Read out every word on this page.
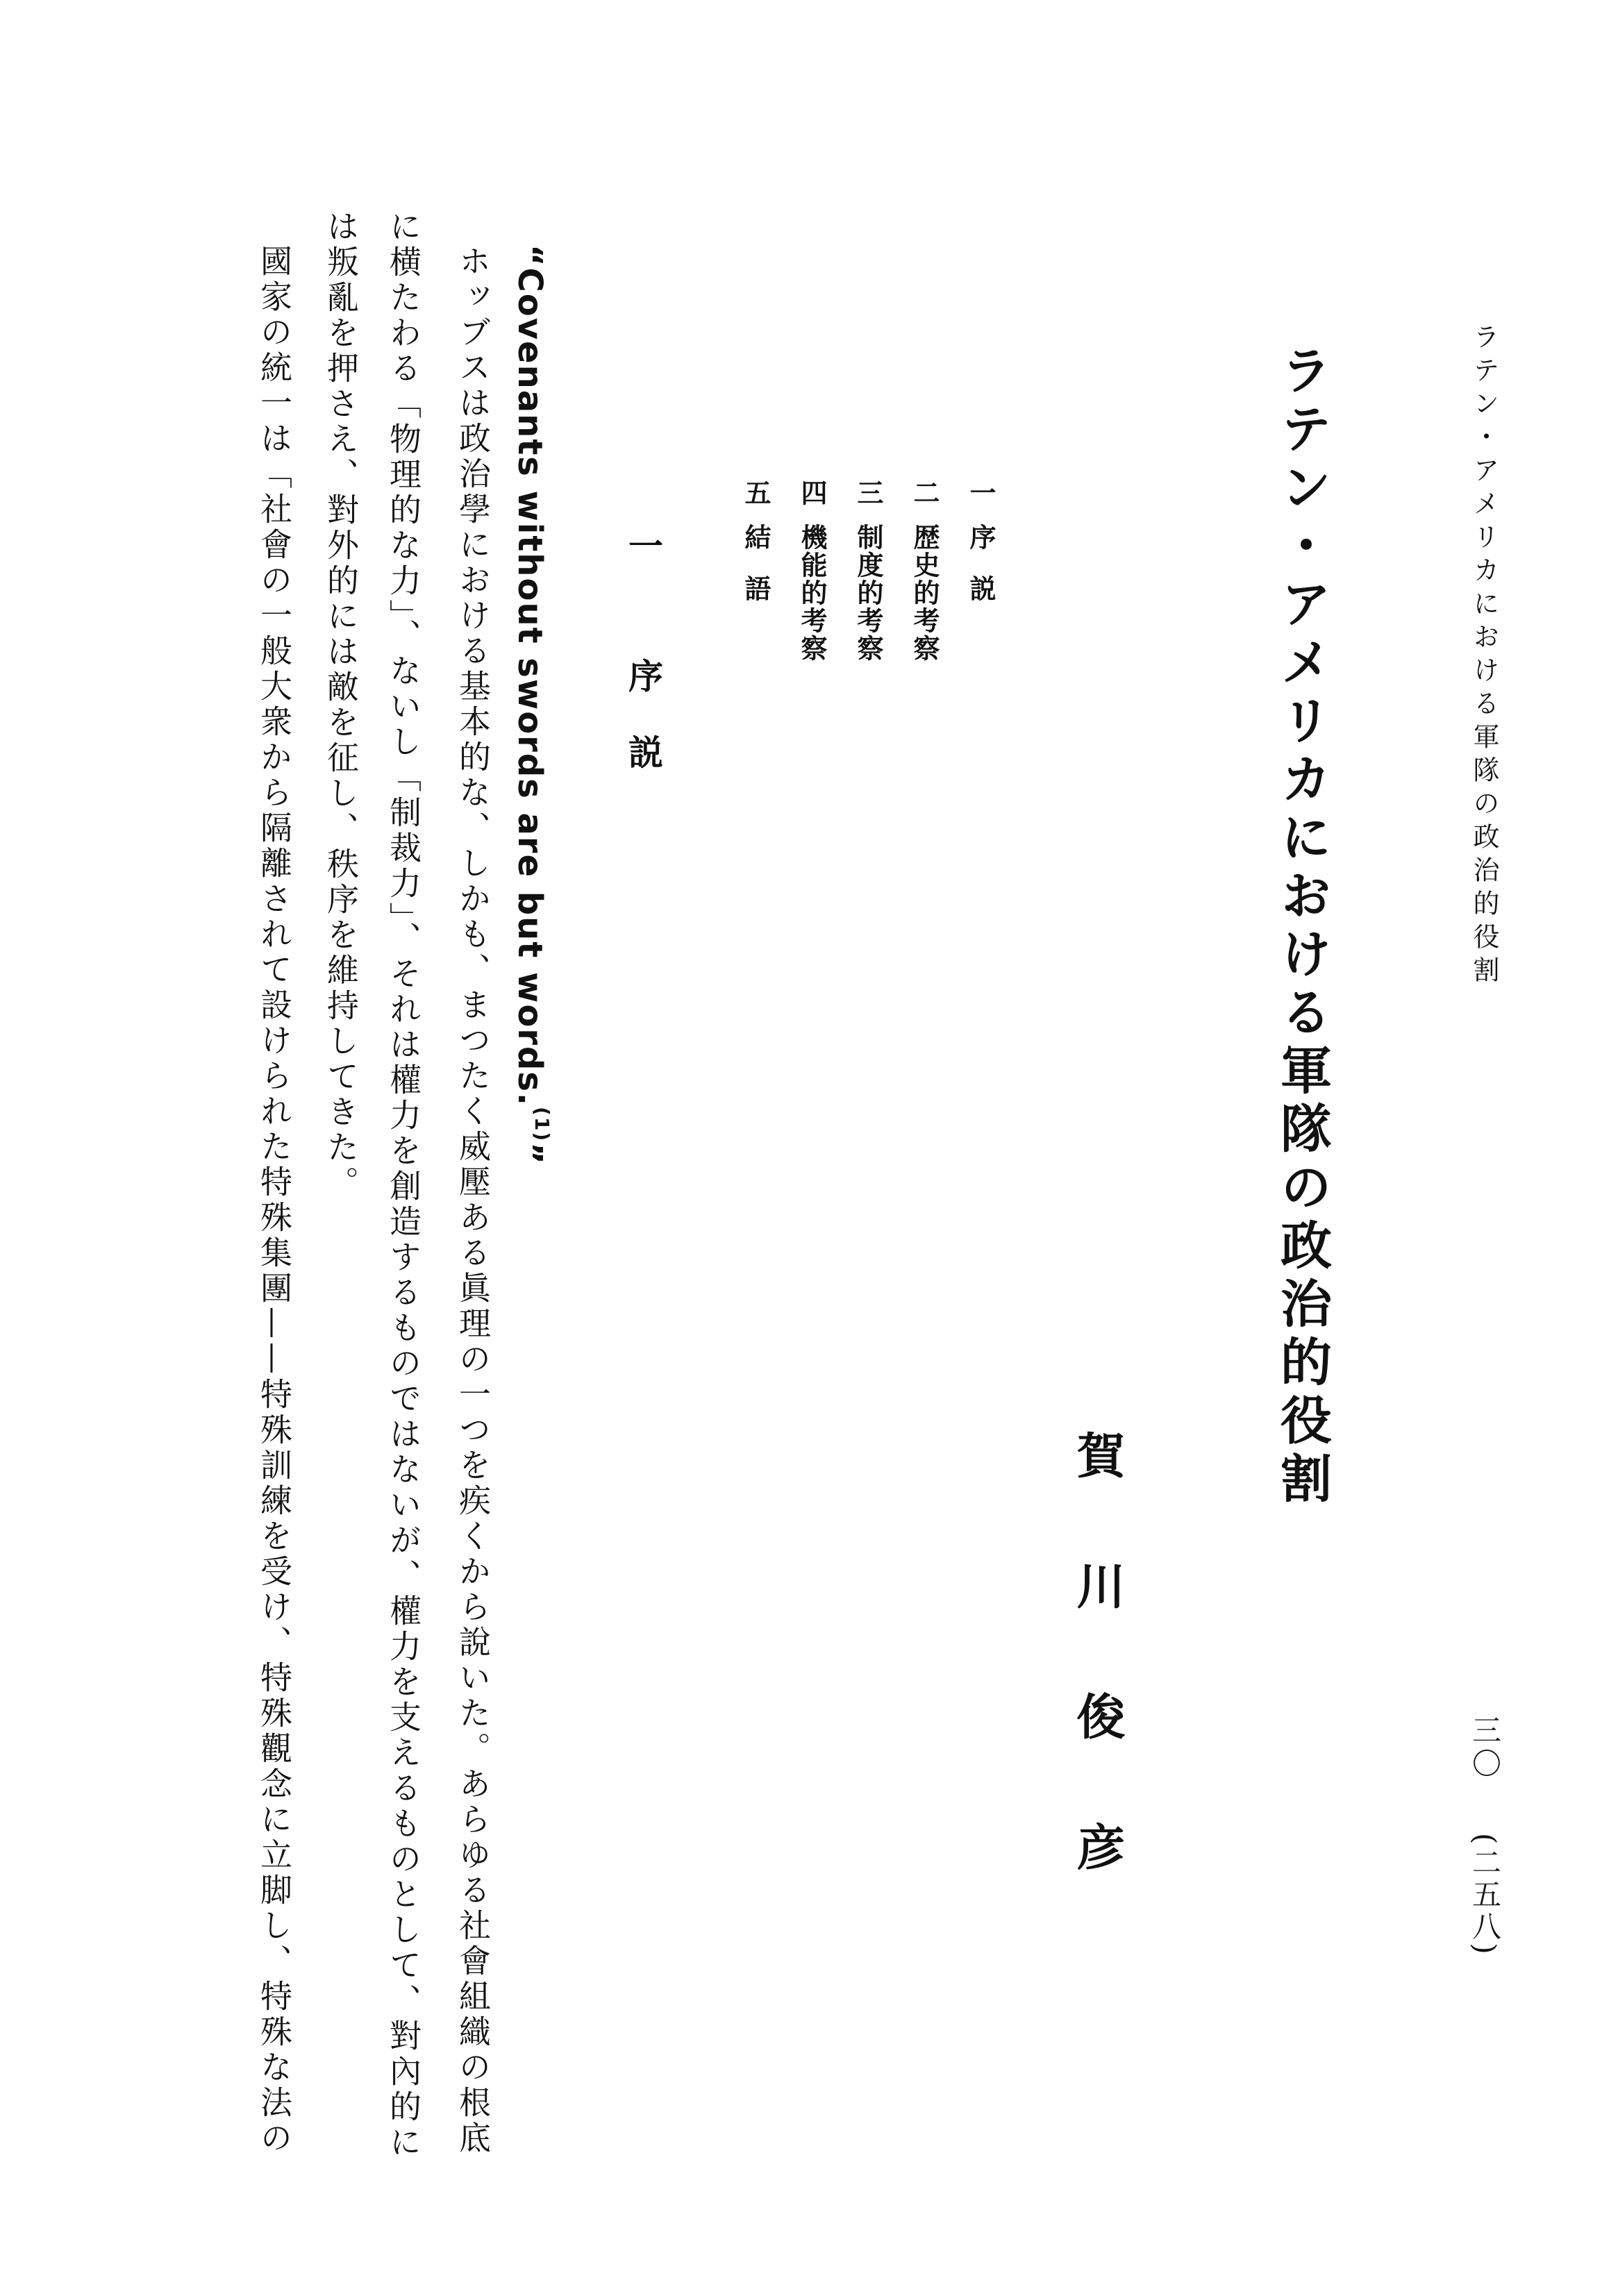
ラテン・アメリカにおける軍隊の政治的役割
三〇
(二五八)
ラテン・アメリカにおける軍隊の政治的役割
賀川俊彦
一
序説
二
歴史的考察
三
制度的考察
四
機能的考察
五
結語
一 序説
“Covenants without swords are but words.$^{(1)}$”
ホッブスは政治學における基本的な、しかも、まつたく威壓ある眞理の一つを疾くから說いた。あらゆる社會組織の根底
に横たわる「物理的な力」、ないし「制裁力」、それは權力を創造するものではないが、權力を支えるものとして、對內的に
は叛亂を押さえ、對外的には敵を征し、秩序を維持してきた。
國家の統一は「社會の一般大衆から隔離されて設けられた特殊集團——特殊訓練を受け、特殊觀念に立脚し、特殊な法の
